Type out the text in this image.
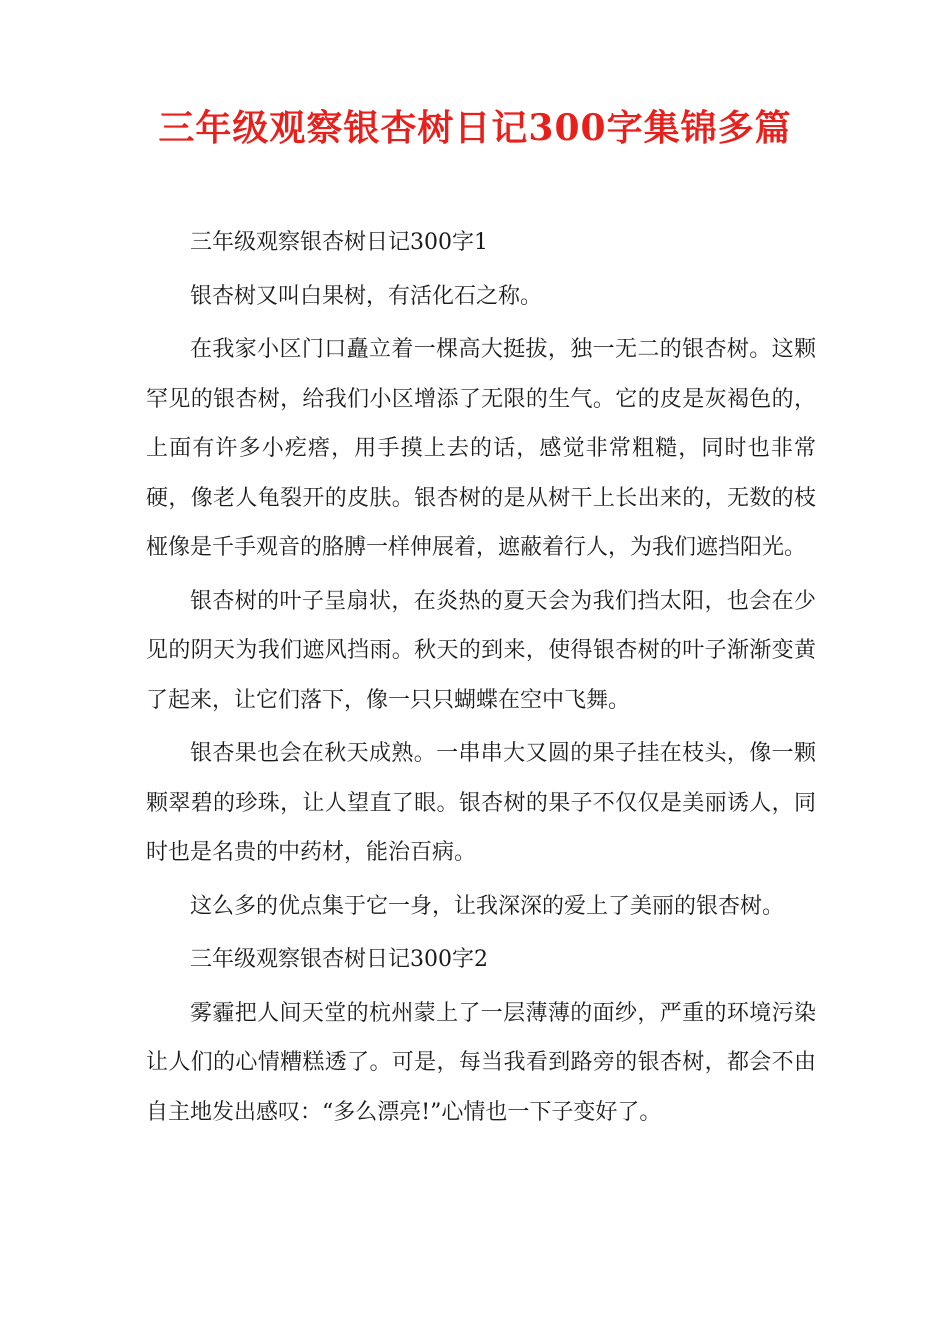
三年级观察银杏树日记300字集锦多篇

三年级观察银杏树日记300字1

银杏树又叫白果树，有活化石之称。

在我家小区门口矗立着一棵高大挺拔，独一无二的银杏树。这颗罕见的银杏树，给我们小区增添了无限的生气。它的皮是灰褐色的，上面有许多小疙瘩，用手摸上去的话，感觉非常粗糙，同时也非常硬，像老人龟裂开的皮肤。银杏树的是从树干上长出来的，无数的枝桠像是千手观音的胳膊一样伸展着，遮蔽着行人，为我们遮挡阳光。

银杏树的叶子呈扇状，在炎热的夏天会为我们挡太阳，也会在少见的阴天为我们遮风挡雨。秋天的到来，使得银杏树的叶子渐渐变黄了起来，让它们落下，像一只只蝴蝶在空中飞舞。

银杏果也会在秋天成熟。一串串大又圆的果子挂在枝头，像一颗颗翠碧的珍珠，让人望直了眼。银杏树的果子不仅仅是美丽诱人，同时也是名贵的中药材，能治百病。

这么多的优点集于它一身，让我深深的爱上了美丽的银杏树。

三年级观察银杏树日记300字2

雾霾把人间天堂的杭州蒙上了一层薄薄的面纱，严重的环境污染让人们的心情糟糕透了。可是，每当我看到路旁的银杏树，都会不由自主地发出感叹：“多么漂亮!”心情也一下子变好了。
